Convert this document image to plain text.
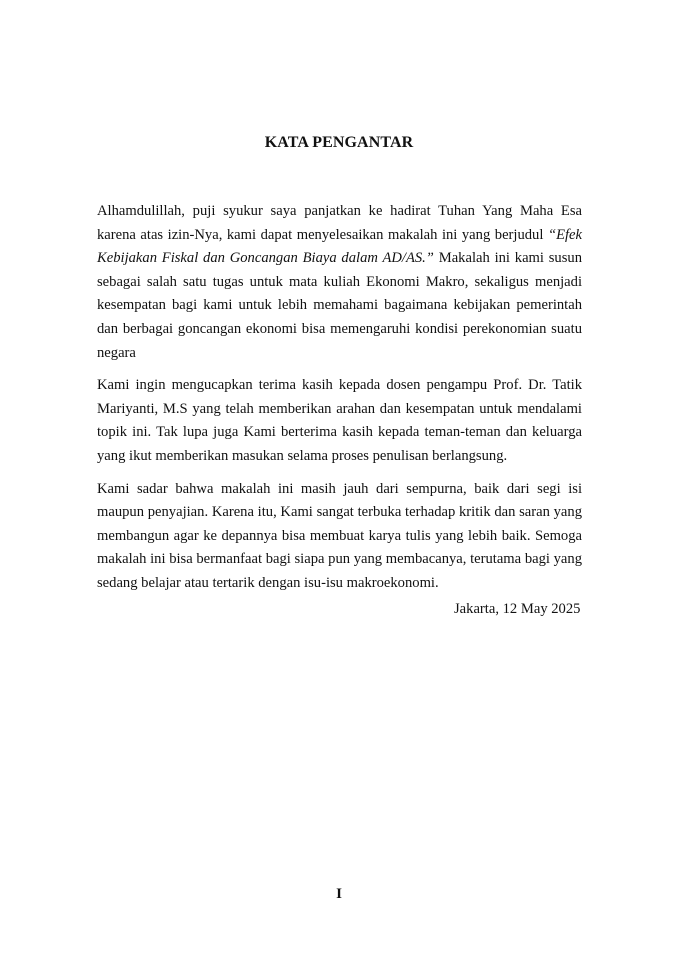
KATA PENGANTAR

Alhamdulillah, puji syukur saya panjatkan ke hadirat Tuhan Yang Maha Esa karena atas izin-Nya, kami dapat menyelesaikan makalah ini yang berjudul “Efek Kebijakan Fiskal dan Goncangan Biaya dalam AD/AS.” Makalah ini kami susun sebagai salah satu tugas untuk mata kuliah Ekonomi Makro, sekaligus menjadi kesempatan bagi kami untuk lebih memahami bagaimana kebijakan pemerintah dan berbagai goncangan ekonomi bisa memengaruhi kondisi perekonomian suatu negara

Kami ingin mengucapkan terima kasih kepada dosen pengampu Prof. Dr. Tatik Mariyanti, M.S yang telah memberikan arahan dan kesempatan untuk mendalami topik ini. Tak lupa juga Kami berterima kasih kepada teman-teman dan keluarga yang ikut memberikan masukan selama proses penulisan berlangsung.

Kami sadar bahwa makalah ini masih jauh dari sempurna, baik dari segi isi maupun penyajian. Karena itu, Kami sangat terbuka terhadap kritik dan saran yang membangun agar ke depannya bisa membuat karya tulis yang lebih baik. Semoga makalah ini bisa bermanfaat bagi siapa pun yang membacanya, terutama bagi yang sedang belajar atau tertarik dengan isu-isu makroekonomi.

Jakarta, 12 May 2025
I
